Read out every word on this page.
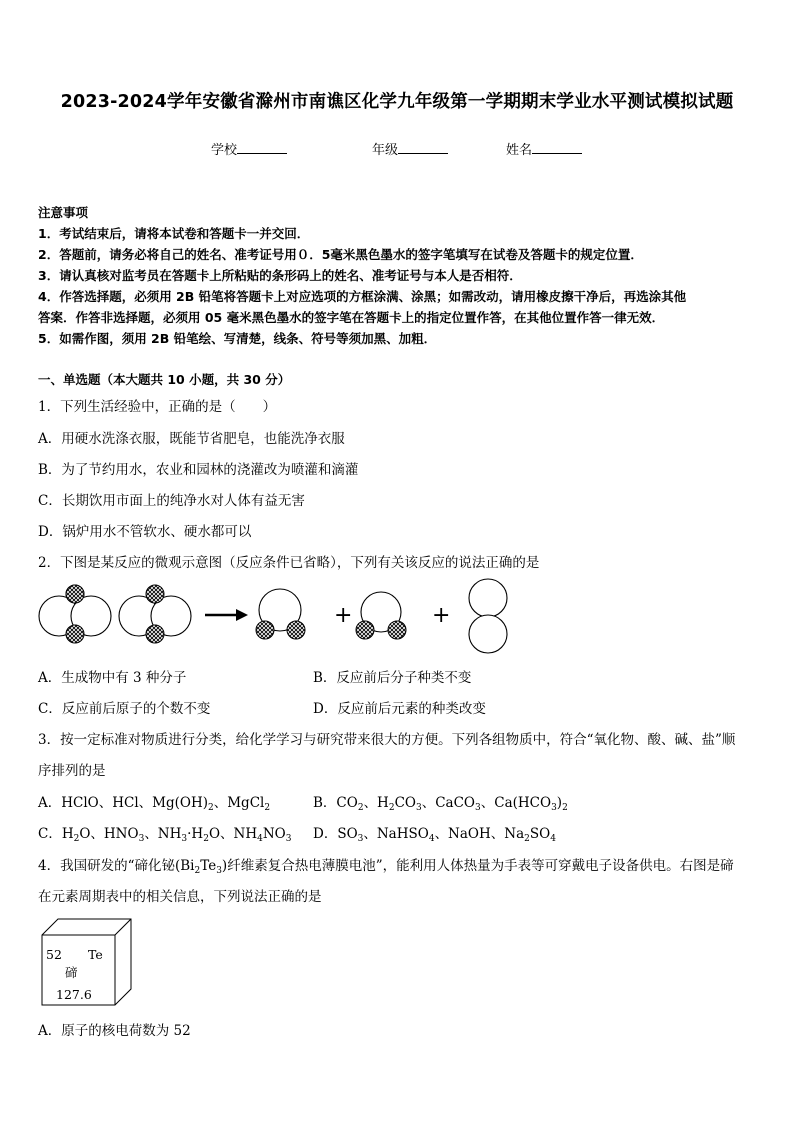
2023-2024学年安徽省滁州市南谯区化学九年级第一学期期末学业水平测试模拟试题
学校	年级	姓名
注意事项
1．考试结束后，请将本试卷和答题卡一并交回．
2．答题前，请务必将自己的姓名、准考证号用０．5毫米黑色墨水的签字笔填写在试卷及答题卡的规定位置．
3．请认真核对监考员在答题卡上所粘贴的条形码上的姓名、准考证号与本人是否相符．
4．作答选择题，必须用 2B 铅笔将答题卡上对应选项的方框涂满、涂黑；如需改动，请用橡皮擦干净后，再选涂其他
答案．作答非选择题，必须用 05 毫米黑色墨水的签字笔在答题卡上的指定位置作答，在其他位置作答一律无效．
5．如需作图，须用 2B 铅笔绘、写清楚，线条、符号等须加黑、加粗．
一、单选题（本大题共 10 小题，共 30 分）
1．下列生活经验中，正确的是（　　）
A．用硬水洗涤衣服，既能节省肥皂，也能洗净衣服
B．为了节约用水，农业和园林的浇灌改为喷灌和滴灌
C．长期饮用市面上的纯净水对人体有益无害
D．锅炉用水不管软水、硬水都可以
2．下图是某反应的微观示意图（反应条件已省略），下列有关该反应的说法正确的是
+	+
A．生成物中有 3 种分子	B．反应前后分子种类不变
C．反应前后原子的个数不变	D．反应前后元素的种类改变
3．按一定标准对物质进行分类，给化学学习与研究带来很大的方便。下列各组物质中，符合“氧化物、酸、碱、盐”顺
序排列的是
A．HClO、HCl、$Mg(OH)_2$、MgCl$_2$	B．$CO_2$、$H_2CO_3$、CaCO$_3$、$Ca(HCO_3)_2$
C．$H_2O$、$HNO_3$、$NH_3\cdot H_2O$、$NH_4NO_3$ D．$SO_3$、NaHSO$_4$、NaOH、$Na_2SO_4$
4．我国研发的“碲化铋$(Bi_2Te_3)$纤维素复合热电薄膜电池”，能利用人体热量为手表等可穿戴电子设备供电。右图是碲
在元素周期表中的相关信息，下列说法正确的是
52 Te
碲
127.6
A．原子的核电荷数为 52
